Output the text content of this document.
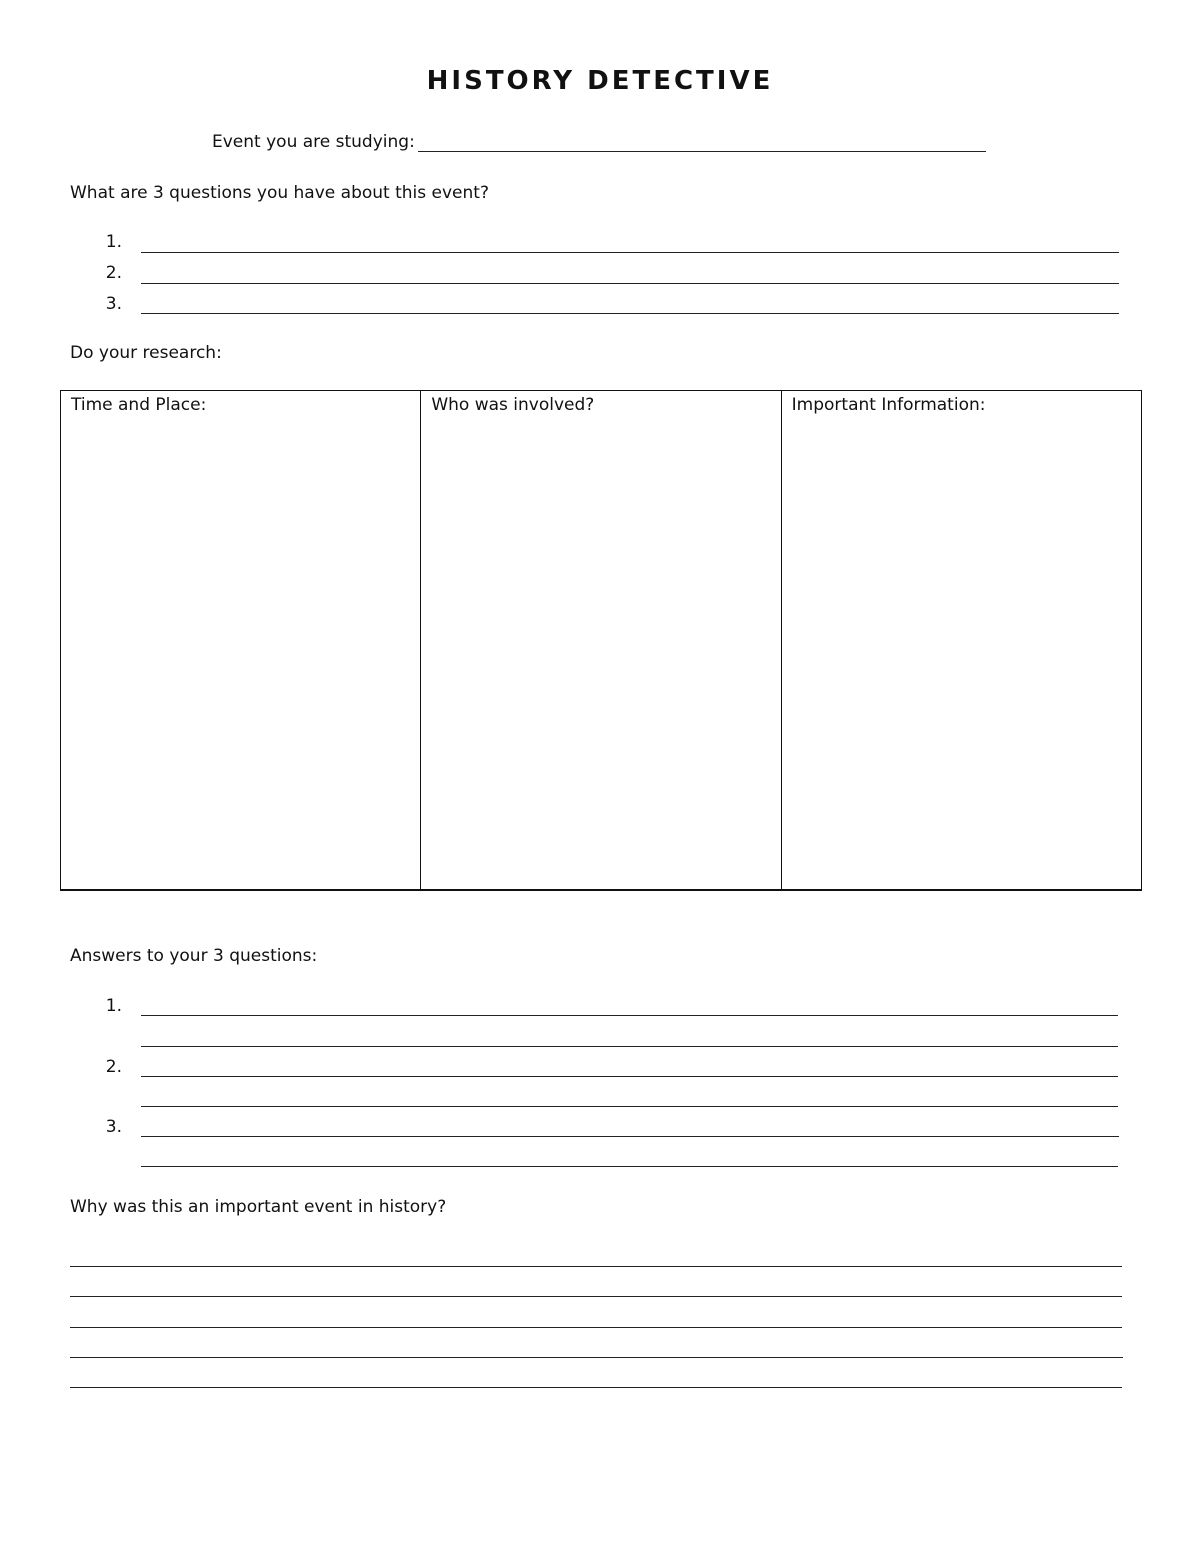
HISTORY DETECTIVE
Event you are studying:
What are 3 questions you have about this event?
1.
2.
3.
Do your research:
Time and Place:	Who was involved?	Important Information:
Answers to your 3 questions:
1.
2.
3.
Why was this an important event in history?
